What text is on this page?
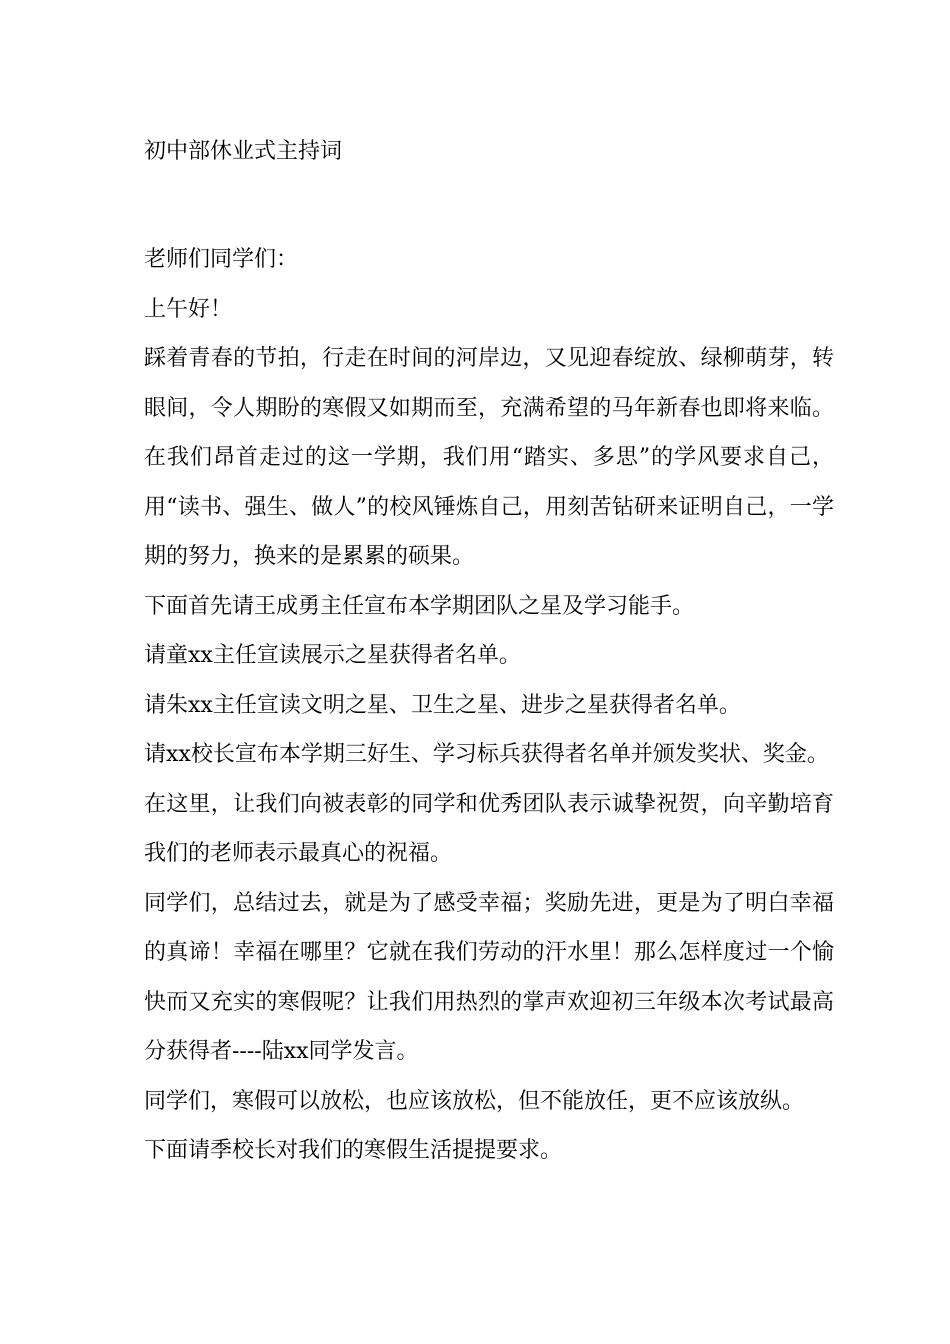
初中部休业式主持词

老师们同学们：

上午好！

踩着青春的节拍，行走在时间的河岸边，又见迎春绽放、绿柳萌芽，转眼间，令人期盼的寒假又如期而至，充满希望的马年新春也即将来临。在我们昂首走过的这一学期，我们用“踏实、多思”的学风要求自己，用“读书、强生、做人”的校风锤炼自己，用刻苦钻研来证明自己，一学期的努力，换来的是累累的硕果。

下面首先请王成勇主任宣布本学期团队之星及学习能手。

请童xx主任宣读展示之星获得者名单。

请朱xx主任宣读文明之星、卫生之星、进步之星获得者名单。

请xx校长宣布本学期三好生、学习标兵获得者名单并颁发奖状、奖金。

在这里，让我们向被表彰的同学和优秀团队表示诚挚祝贺，向辛勤培育我们的老师表示最真心的祝福。

同学们，总结过去，就是为了感受幸福；奖励先进，更是为了明白幸福的真谛！幸福在哪里？它就在我们劳动的汗水里！那么怎样度过一个愉快而又充实的寒假呢？让我们用热烈的掌声欢迎初三年级本次考试最高分获得者----陆xx同学发言。

同学们，寒假可以放松，也应该放松，但不能放任，更不应该放纵。

下面请季校长对我们的寒假生活提提要求。
